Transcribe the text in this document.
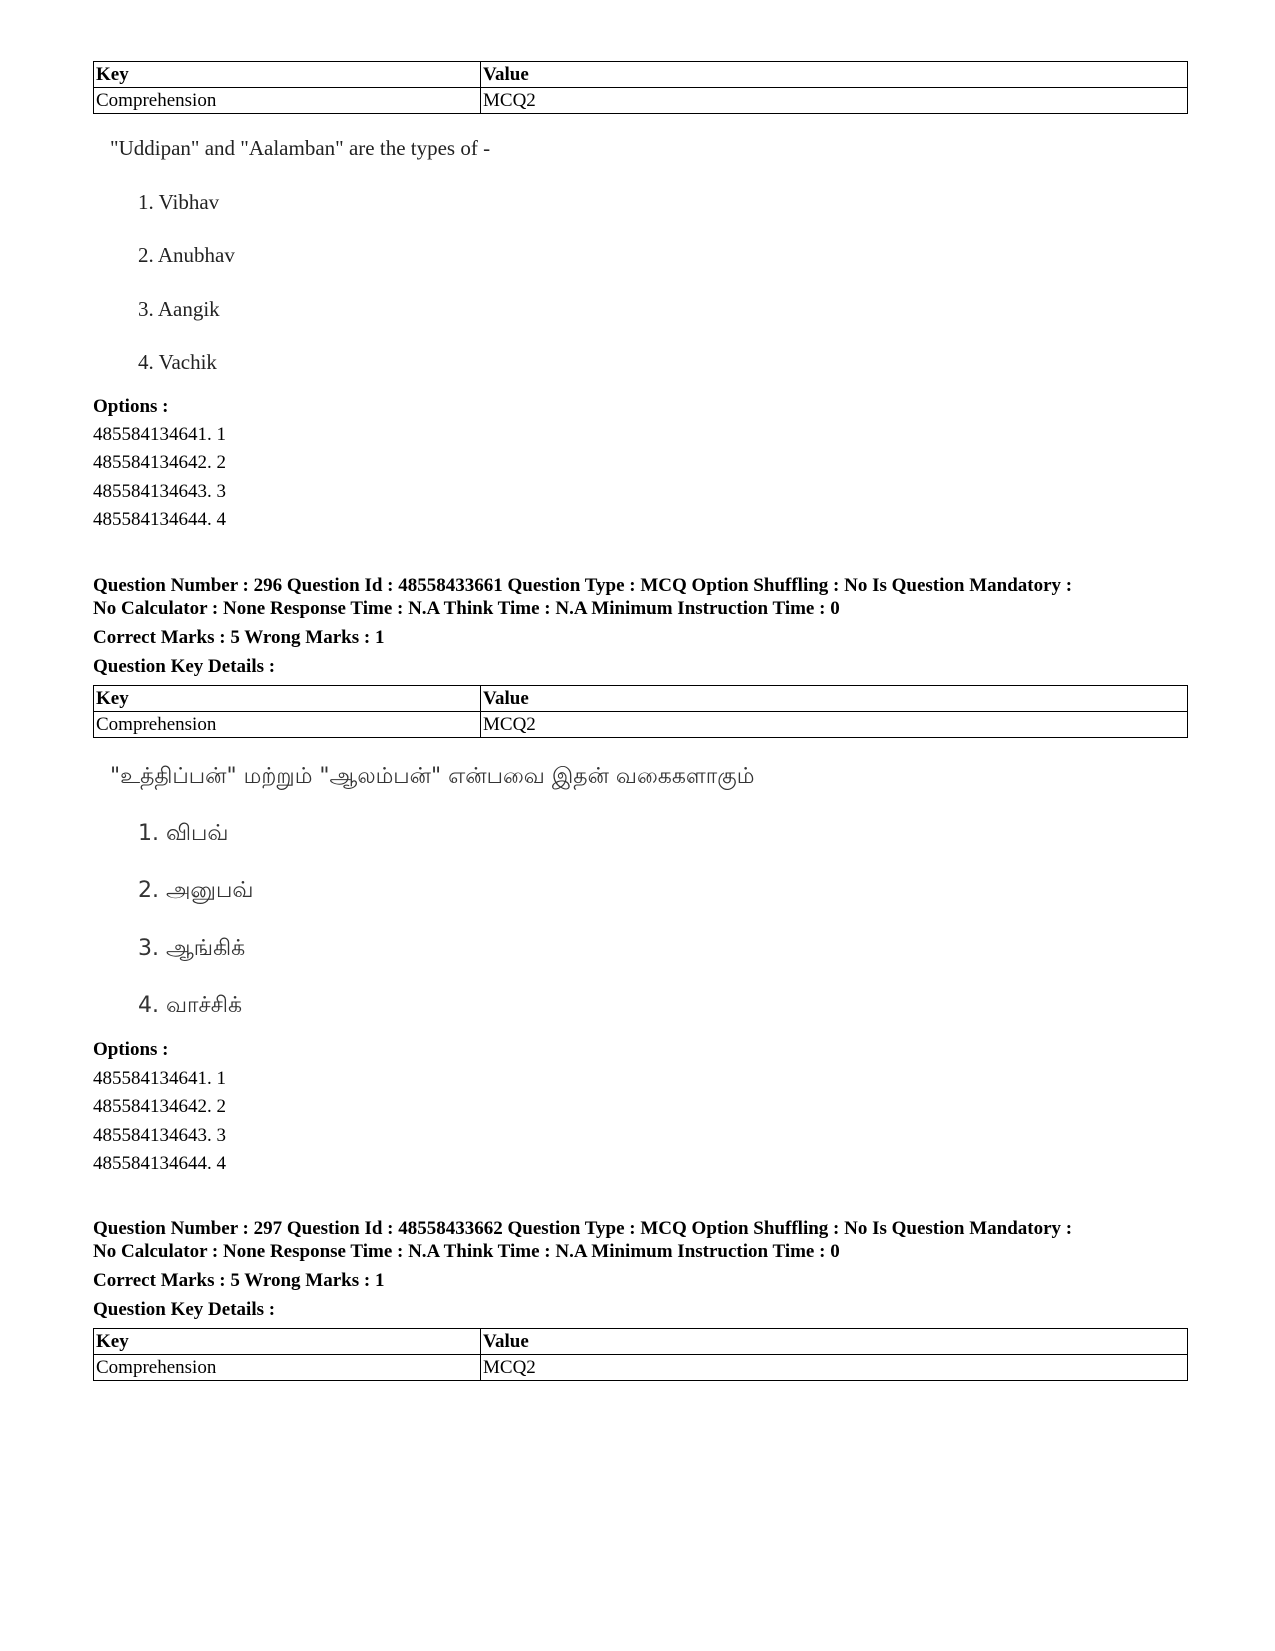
Key	Value
Comprehension	MCQ2
"Uddipan" and "Aalamban" are the types of -
1. Vibhav
2. Anubhav
3. Aangik
4. Vachik
Options :
485584134641. 1
485584134642. 2
485584134643. 3
485584134644. 4
Question Number : 296 Question Id : 48558433661 Question Type : MCQ Option Shuffling : No Is Question Mandatory :
No Calculator : None Response Time : N.A Think Time : N.A Minimum Instruction Time : 0
Correct Marks : 5 Wrong Marks : 1
Question Key Details :
Key	Value
Comprehension	MCQ2
"உத்திப்பன்" மற்றும் "ஆலம்பன்" என்பவை இதன் வகைகளாகும்
1. விபவ்
2. அனுபவ்
3. ஆங்கிக்
4. வாச்சிக்
Options :
485584134641. 1
485584134642. 2
485584134643. 3
485584134644. 4
Question Number : 297 Question Id : 48558433662 Question Type : MCQ Option Shuffling : No Is Question Mandatory :
No Calculator : None Response Time : N.A Think Time : N.A Minimum Instruction Time : 0
Correct Marks : 5 Wrong Marks : 1
Question Key Details :
Key	Value
Comprehension	MCQ2
